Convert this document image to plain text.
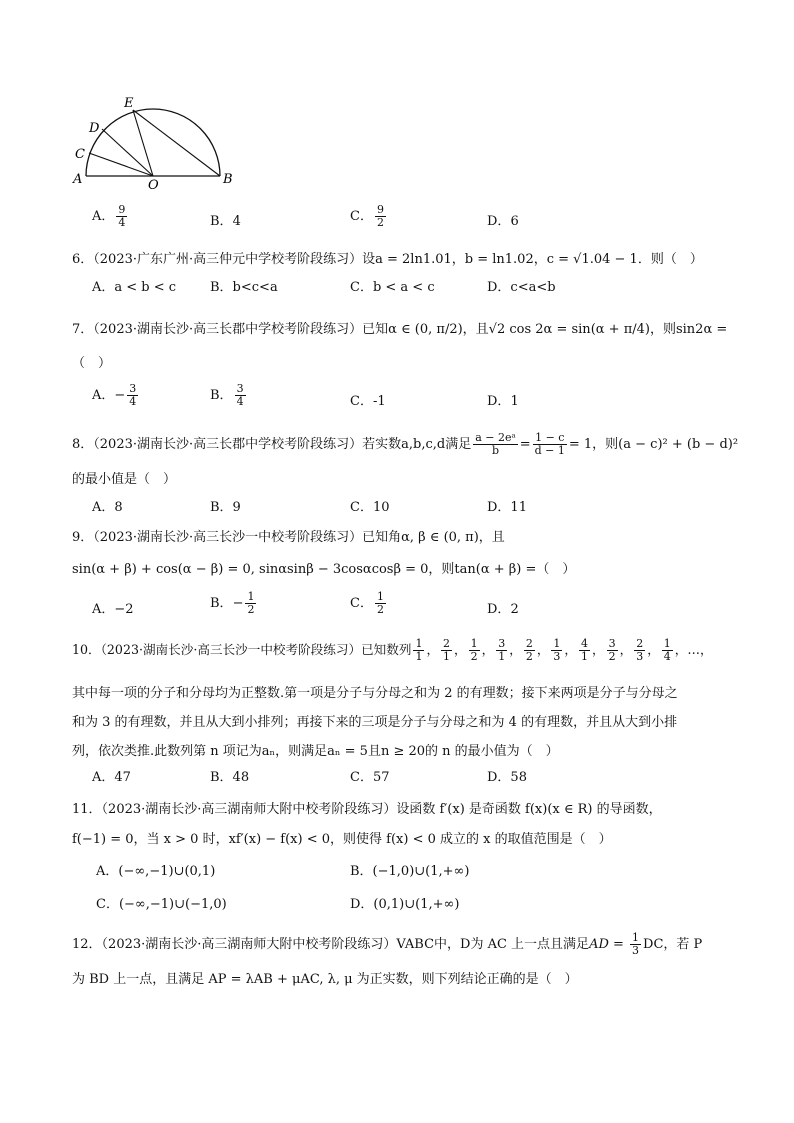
A
C
D
E
O	B
A． $\frac{9}{4}$	B．4	C． $\frac{9}{2}$	D．6
6．（2023·广东广州·高三仲元中学校考阶段练习）设a = 2ln1.01，b = ln1.02，c = √1.04 − 1．则（　）
A．a < b < c	B．b<c<a	C．b < a < c	D．c<a<b
7．（2023·湖南长沙·高三长郡中学校考阶段练习）已知α ∈ (0, π/2)，且√2 cos 2α = sin(α + π/4)，则sin2α =
（　）
A．− $\frac{3}{4}$	B． $\frac{3}{4}$	C．-1	D．1
8．（2023·湖南长沙·高三长郡中学校考阶段练习）若实数a,b,c,d满足 $\frac{\text{a − 2eᵃ}}{b} = \frac{1 - c}{d - 1} = 1$，则(a − c)² + (b − d)²
的最小值是（　）
A．8	B．9	C．10	D．11
9．（2023·湖南长沙·高三长沙一中校考阶段练习）已知角α, β ∈ (0, π)，且
sin(α + β) + cos(α − β) = 0, sinαsinβ − 3cosαcosβ = 0，则tan(α + β) =（　）
A．−2	B．− $\frac{1}{2}$	C． $\frac{1}{2}$	D．2
10．（2023·湖南长沙·高三长沙一中校考阶段练习）已知数列 $\frac{1}{1}$ ， $\frac{2}{1}$ ， $\frac{1}{2}$ ， $\frac{3}{1}$ ， $\frac{2}{2}$ ， $\frac{1}{3}$ ， $\frac{4}{1}$ ， $\frac{3}{2}$ ， $\frac{2}{3}$ ， $\frac{1}{4}$ ，…，
其中每一项的分子和分母均为正整数.第一项是分子与分母之和为 2 的有理数；接下来两项是分子与分母之
和为 3 的有理数，并且从大到小排列；再接下来的三项是分子与分母之和为 4 的有理数，并且从大到小排
列，依次类推.此数列第 n 项记为aₙ，则满足aₙ = 5且n ≥ 20的 n 的最小值为（　）
A．47	B．48	C．57	D．58
11．（2023·湖南长沙·高三湖南师大附中校考阶段练习）设函数 f′(x) 是奇函数 f(x)(x ∈ R) 的导函数，
f(−1) = 0，当 x > 0 时，xf′(x) − f(x) < 0，则使得 f(x) < 0 成立的 x 的取值范围是（　）
A．(−∞,−1)∪(0,1)	B．(−1,0)∪(1,+∞)
C．(−∞,−1)∪(−1,0)	D．(0,1)∪(1,+∞)
12．（2023·湖南长沙·高三湖南师大附中校考阶段练习）VABC中，D为 AC 上一点且满足AD = $\frac{1}{3}$ DC，若 P
为 BD 上一点，且满足 AP = λAB + μAC, λ, μ 为正实数，则下列结论正确的是（　）
